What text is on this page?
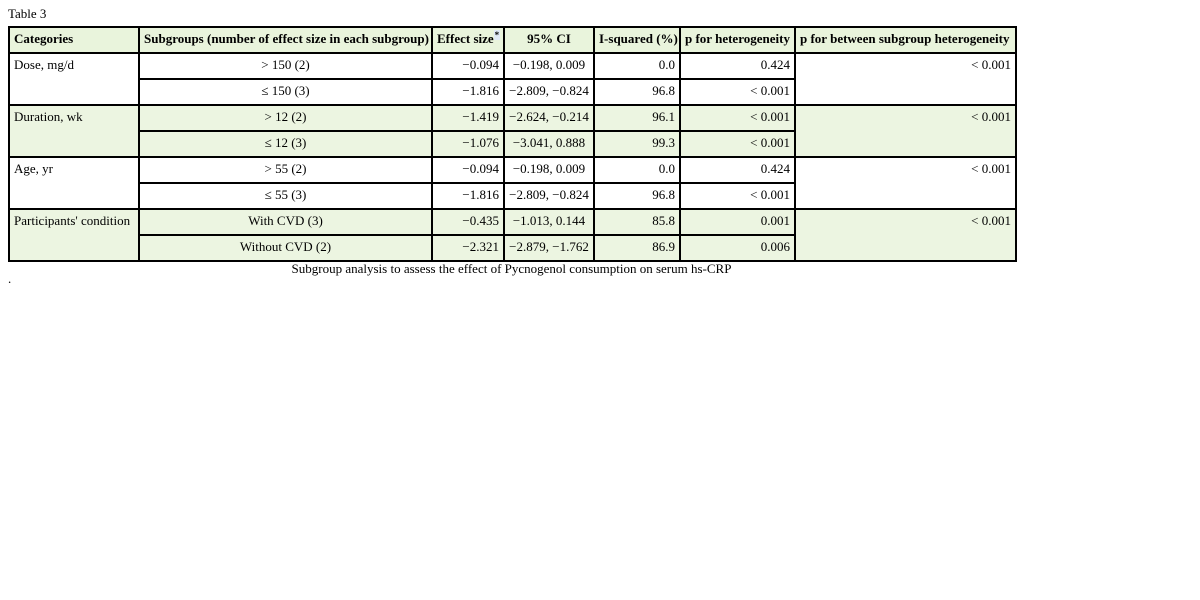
Table 3
Categories	Subgroups (number of effect size in each subgroup)	Effect size*	95% CI	I-squared (%)	p for heterogeneity	p for between subgroup heterogeneity
Dose, mg/d	> 150 (2)	−0.094	−0.198, 0.009	0.0	0.424	< 0.001
	≤ 150 (3)	−1.816	−2.809, −0.824	96.8	< 0.001	
Duration, wk	> 12 (2)	−1.419	−2.624, −0.214	96.1	< 0.001	< 0.001
	≤ 12 (3)	−1.076	−3.041, 0.888	99.3	< 0.001	
Age, yr	> 55 (2)	−0.094	−0.198, 0.009	0.0	0.424	< 0.001
	≤ 55 (3)	−1.816	−2.809, −0.824	96.8	< 0.001	
Participants' condition	With CVD (3)	−0.435	−1.013, 0.144	85.8	0.001	< 0.001
	Without CVD (2)	−2.321	−2.879, −1.762	86.9	0.006	
Subgroup analysis to assess the effect of Pycnogenol consumption on serum hs-CRP
.
